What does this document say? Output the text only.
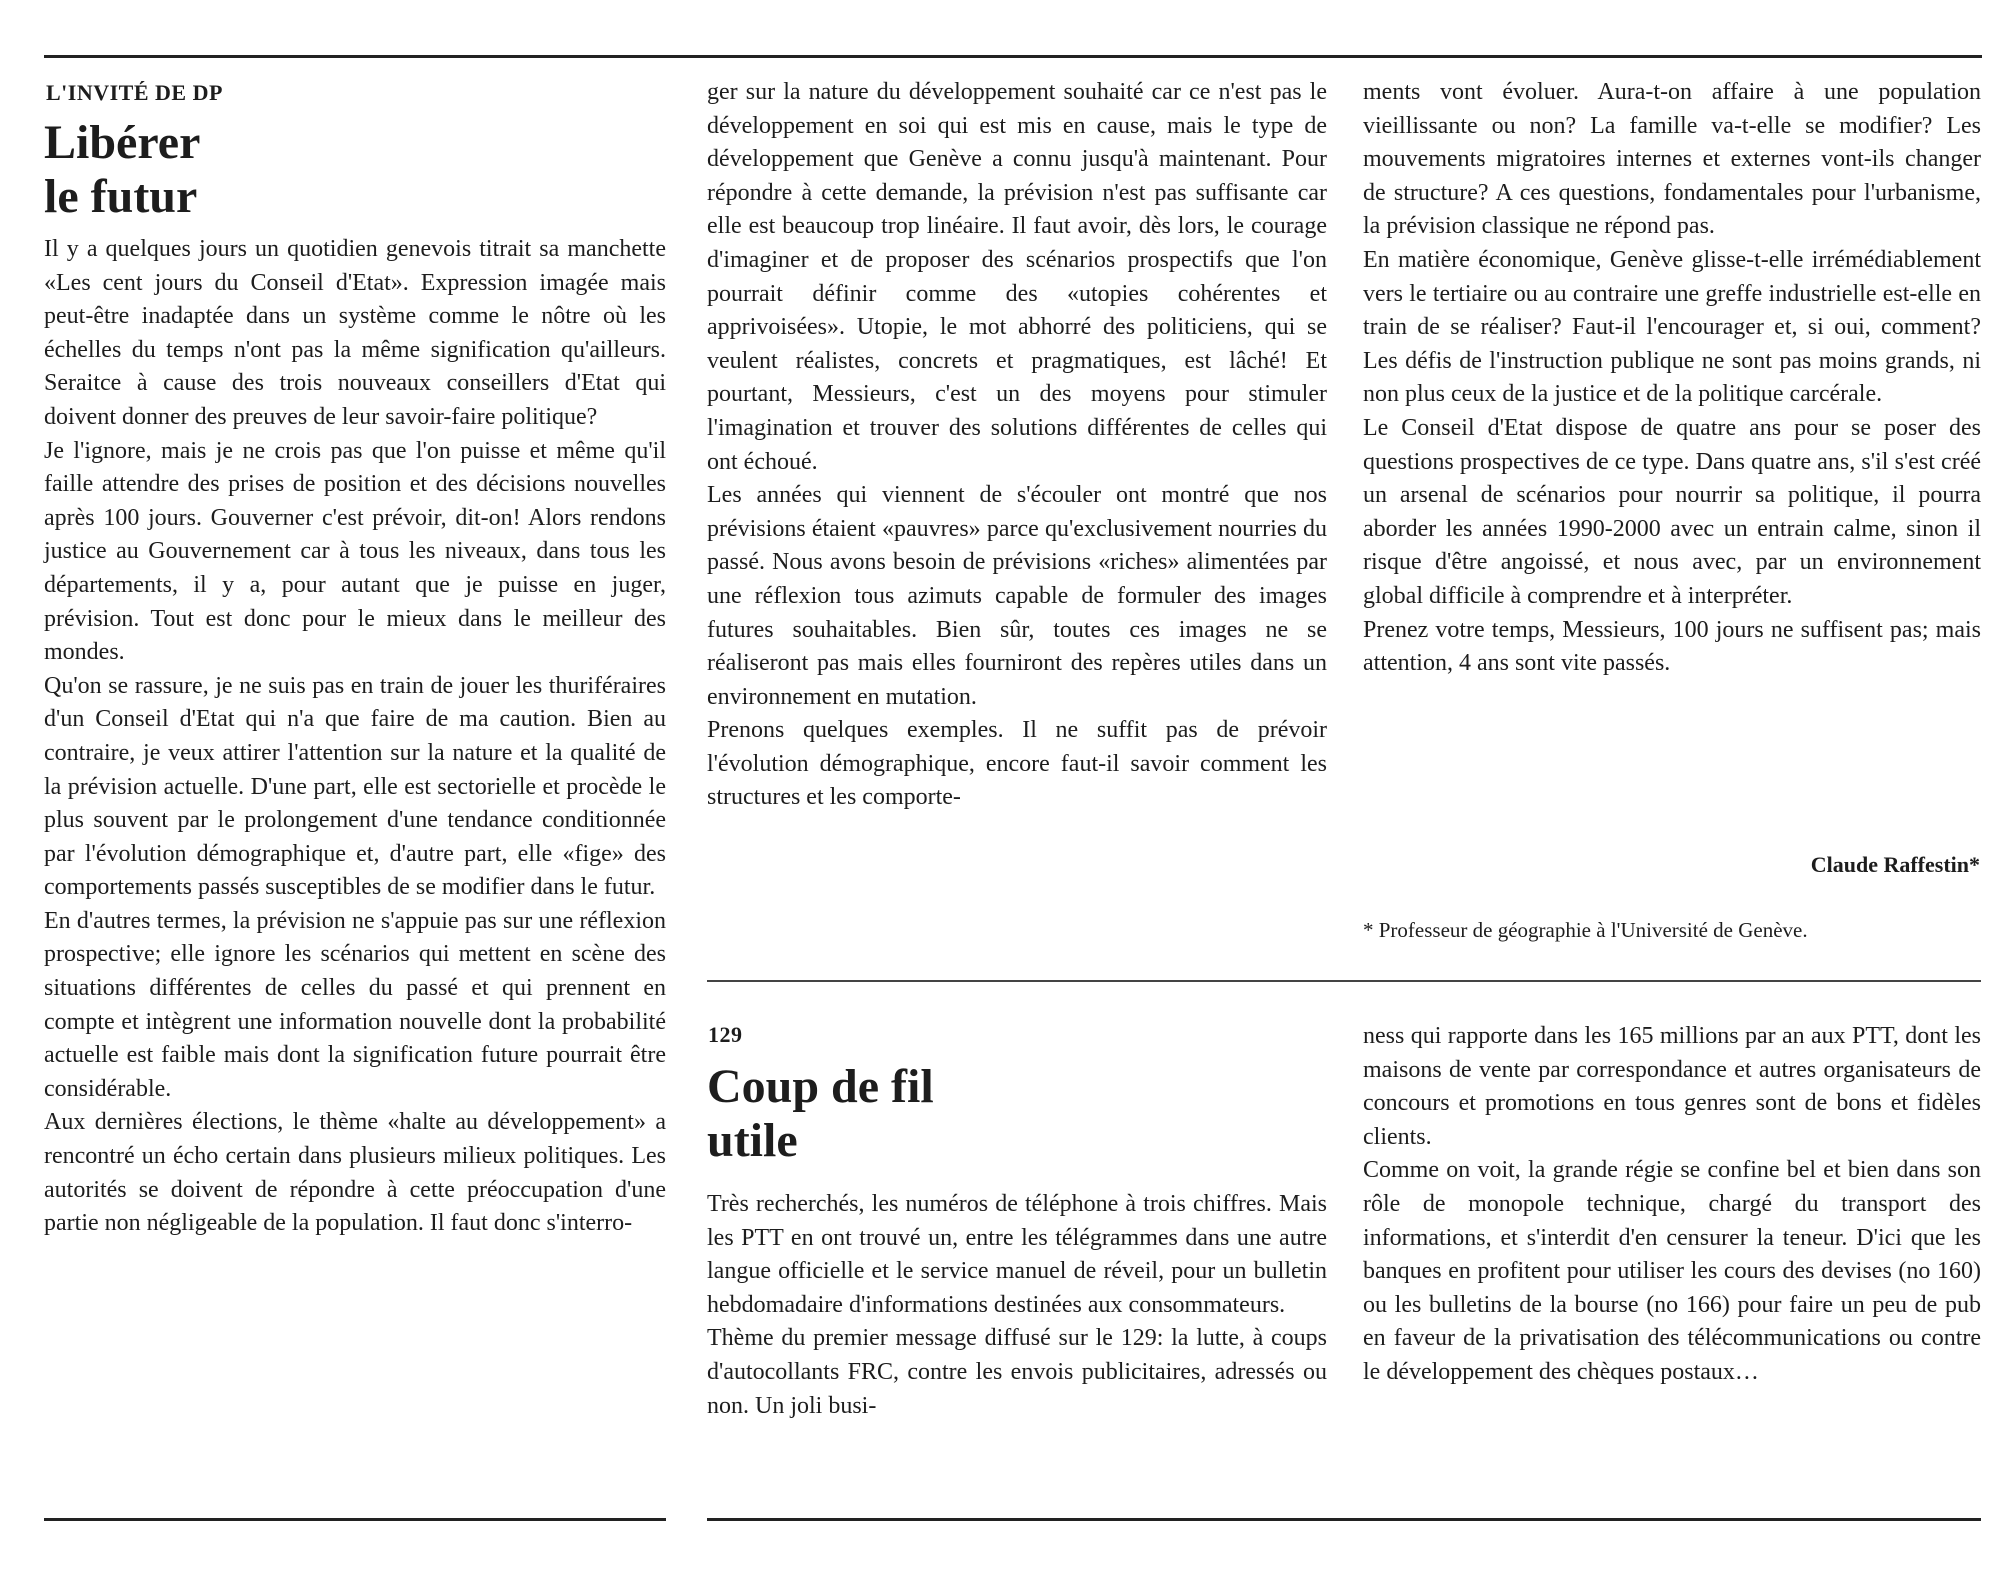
L'INVITÉ DE DP
Libérer
le futur

Il y a quelques jours un quotidien genevois titrait sa manchette «Les cent jours du Conseil d'Etat». Expression imagée mais peut-être inadaptée dans un système comme le nôtre où les échelles du temps n'ont pas la même signification qu'ailleurs. Seraitce à cause des trois nouveaux conseillers d'Etat qui doivent donner des preuves de leur savoir-faire politique?

Je l'ignore, mais je ne crois pas que l'on puisse et même qu'il faille attendre des prises de position et des décisions nouvelles après 100 jours. Gouverner c'est prévoir, dit-on! Alors rendons justice au Gouvernement car à tous les niveaux, dans tous les départements, il y a, pour autant que je puisse en juger, prévision. Tout est donc pour le mieux dans le meilleur des mondes.

Qu'on se rassure, je ne suis pas en train de jouer les thuriféraires d'un Conseil d'Etat qui n'a que faire de ma caution. Bien au contraire, je veux attirer l'attention sur la nature et la qualité de la prévision actuelle. D'une part, elle est sectorielle et procède le plus souvent par le prolongement d'une tendance conditionnée par l'évolution démographique et, d'autre part, elle «fige» des comportements passés susceptibles de se modifier dans le futur.

En d'autres termes, la prévision ne s'appuie pas sur une réflexion prospective; elle ignore les scénarios qui mettent en scène des situations différentes de celles du passé et qui prennent en compte et intègrent une information nouvelle dont la probabilité actuelle est faible mais dont la signification future pourrait être considérable.

Aux dernières élections, le thème «halte au développement» a rencontré un écho certain dans plusieurs milieux politiques. Les autorités se doivent de répondre à cette préoccupation d'une partie non négligeable de la population. Il faut donc s'interro-

ger sur la nature du développement souhaité car ce n'est pas le développement en soi qui est mis en cause, mais le type de développement que Genève a connu jusqu'à maintenant. Pour répondre à cette demande, la prévision n'est pas suffisante car elle est beaucoup trop linéaire. Il faut avoir, dès lors, le courage d'imaginer et de proposer des scénarios prospectifs que l'on pourrait définir comme des «utopies cohérentes et apprivoisées». Utopie, le mot abhorré des politiciens, qui se veulent réalistes, concrets et pragmatiques, est lâché! Et pourtant, Messieurs, c'est un des moyens pour stimuler l'imagination et trouver des solutions différentes de celles qui ont échoué.

Les années qui viennent de s'écouler ont montré que nos prévisions étaient «pauvres» parce qu'exclusivement nourries du passé. Nous avons besoin de prévisions «riches» alimentées par une réflexion tous azimuts capable de formuler des images futures souhaitables. Bien sûr, toutes ces images ne se réaliseront pas mais elles fourniront des repères utiles dans un environnement en mutation.

Prenons quelques exemples. Il ne suffit pas de prévoir l'évolution démographique, encore faut-il savoir comment les structures et les comporte-

ments vont évoluer. Aura-t-on affaire à une population vieillissante ou non? La famille va-t-elle se modifier? Les mouvements migratoires internes et externes vont-ils changer de structure? A ces questions, fondamentales pour l'urbanisme, la prévision classique ne répond pas.

En matière économique, Genève glisse-t-elle irrémédiablement vers le tertiaire ou au contraire une greffe industrielle est-elle en train de se réaliser? Faut-il l'encourager et, si oui, comment? Les défis de l'instruction publique ne sont pas moins grands, ni non plus ceux de la justice et de la politique carcérale.

Le Conseil d'Etat dispose de quatre ans pour se poser des questions prospectives de ce type. Dans quatre ans, s'il s'est créé un arsenal de scénarios pour nourrir sa politique, il pourra aborder les années 1990-2000 avec un entrain calme, sinon il risque d'être angoissé, et nous avec, par un environnement global difficile à comprendre et à interpréter.

Prenez votre temps, Messieurs, 100 jours ne suffisent pas; mais attention, 4 ans sont vite passés.

Claude Raffestin*
* Professeur de géographie à l'Université de Genève.
129
Coup de fil
utile

Très recherchés, les numéros de téléphone à trois chiffres. Mais les PTT en ont trouvé un, entre les télégrammes dans une autre langue officielle et le service manuel de réveil, pour un bulletin hebdomadaire d'informations destinées aux consommateurs.

Thème du premier message diffusé sur le 129: la lutte, à coups d'autocollants FRC, contre les envois publicitaires, adressés ou non. Un joli busi-

ness qui rapporte dans les 165 millions par an aux PTT, dont les maisons de vente par correspondance et autres organisateurs de concours et promotions en tous genres sont de bons et fidèles clients.

Comme on voit, la grande régie se confine bel et bien dans son rôle de monopole technique, chargé du transport des informations, et s'interdit d'en censurer la teneur. D'ici que les banques en profitent pour utiliser les cours des devises (no 160) ou les bulletins de la bourse (no 166) pour faire un peu de pub en faveur de la privatisation des télécommunications ou contre le développement des chèques postaux…
